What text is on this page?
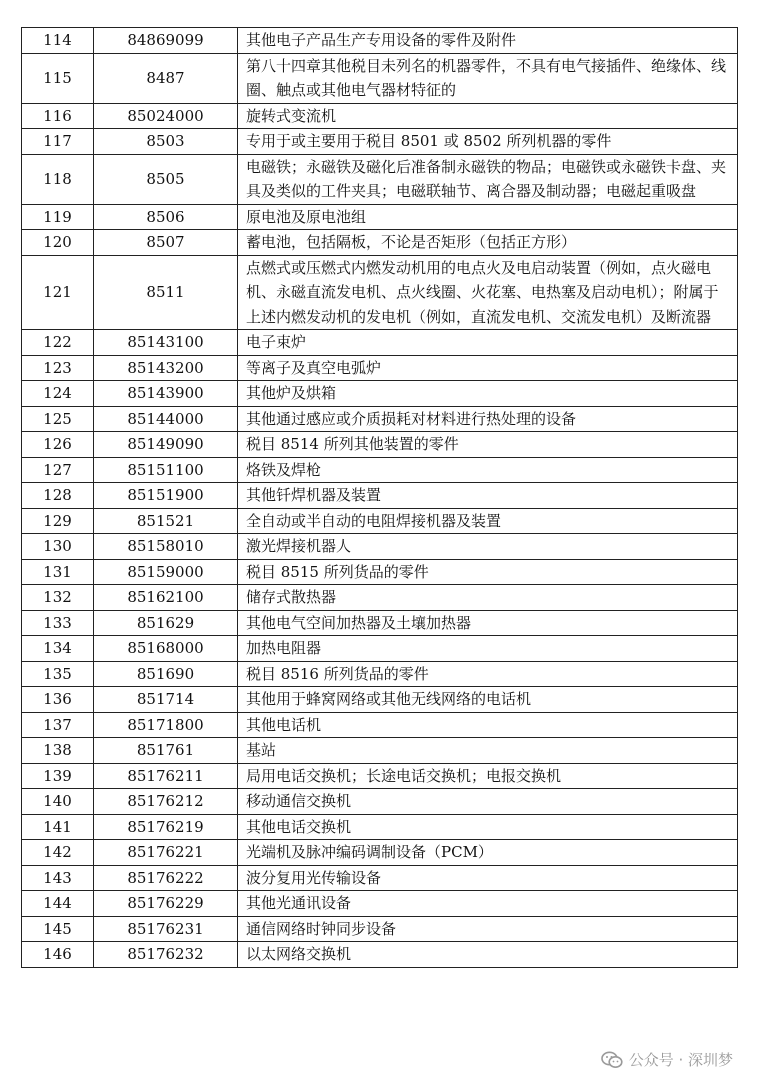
114	84869099	其他电子产品生产专用设备的零件及附件
115	8487	第八十四章其他税目未列名的机器零件，不具有电气接插件、绝缘体、线圈、触点或其他电气器材特征的
116	85024000	旋转式变流机
117	8503	专用于或主要用于税目 8501 或 8502 所列机器的零件
118	8505	电磁铁；永磁铁及磁化后准备制永磁铁的物品；电磁铁或永磁铁卡盘、夹具及类似的工件夹具；电磁联轴节、离合器及制动器；电磁起重吸盘
119	8506	原电池及原电池组
120	8507	蓄电池，包括隔板，不论是否矩形（包括正方形）
121	8511	点燃式或压燃式内燃发动机用的电点火及电启动装置（例如，点火磁电机、永磁直流发电机、点火线圈、火花塞、电热塞及启动电机）；附属于上述内燃发动机的发电机（例如，直流发电机、交流发电机）及断流器
122	85143100	电子束炉
123	85143200	等离子及真空电弧炉
124	85143900	其他炉及烘箱
125	85144000	其他通过感应或介质损耗对材料进行热处理的设备
126	85149090	税目 8514 所列其他装置的零件
127	85151100	烙铁及焊枪
128	85151900	其他钎焊机器及装置
129	851521	全自动或半自动的电阻焊接机器及装置
130	85158010	激光焊接机器人
131	85159000	税目 8515 所列货品的零件
132	85162100	储存式散热器
133	851629	其他电气空间加热器及土壤加热器
134	85168000	加热电阻器
135	851690	税目 8516 所列货品的零件
136	851714	其他用于蜂窝网络或其他无线网络的电话机
137	85171800	其他电话机
138	851761	基站
139	85176211	局用电话交换机；长途电话交换机；电报交换机
140	85176212	移动通信交换机
141	85176219	其他电话交换机
142	85176221	光端机及脉冲编码调制设备（PCM）
143	85176222	波分复用光传输设备
144	85176229	其他光通讯设备
145	85176231	通信网络时钟同步设备
146	85176232	以太网络交换机
公众号 · 深圳梦
